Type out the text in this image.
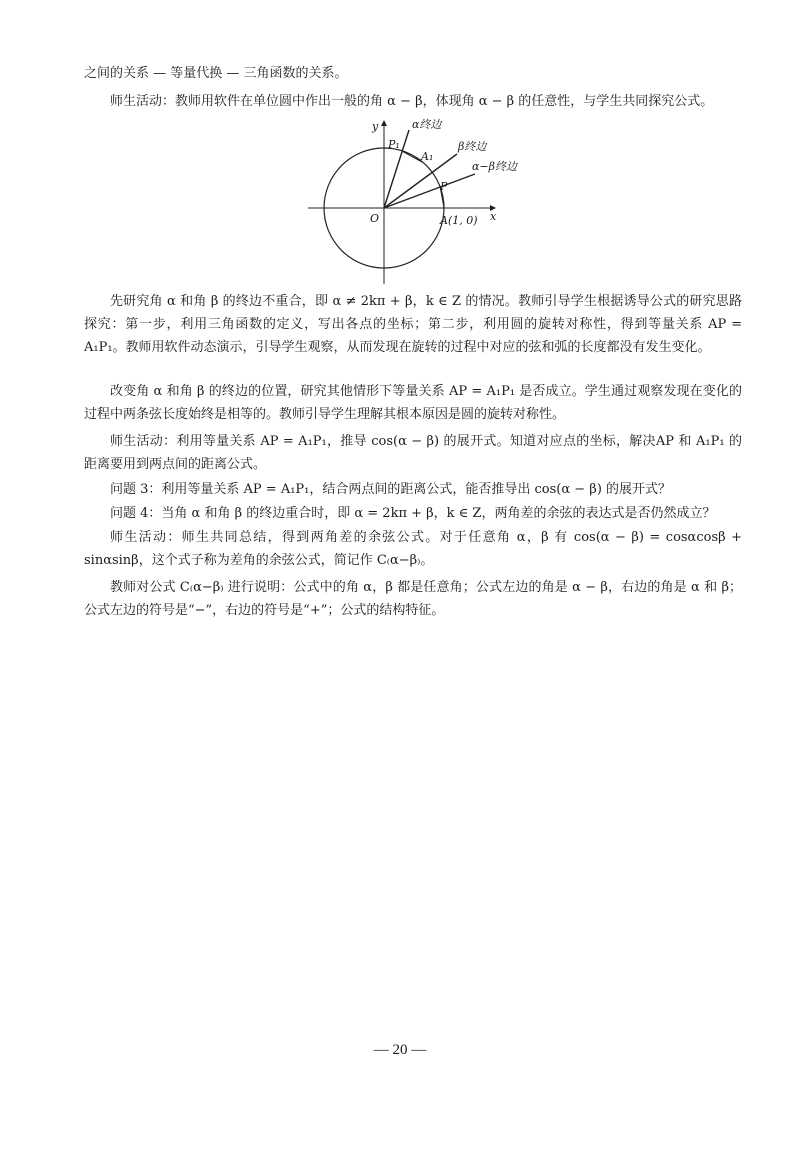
之间的关系 — 等量代换 — 三角函数的关系。

师生活动：教师用软件在单位圆中作出一般的角 α − β，体现角 α − β 的任意性，与学生共同探究公式。

y
x
O
P₁
A₁
P
A(1, 0)
α终边
β终边
α−β终边

先研究角 α 和角 β 的终边不重合，即 α ≠ 2kπ + β，k ∈ Z 的情况。教师引导学生根据诱导公式的研究思路探究：第一步，利用三角函数的定义，写出各点的坐标；第二步，利用圆的旋转对称性，得到等量关系 AP = A₁P₁。教师用软件动态演示，引导学生观察，从而发现在旋转的过程中对应的弦和弧的长度都没有发生变化。

改变角 α 和角 β 的终边的位置，研究其他情形下等量关系 AP = A₁P₁ 是否成立。学生通过观察发现在变化的过程中两条弦长度始终是相等的。教师引导学生理解其根本原因是圆的旋转对称性。

师生活动：利用等量关系 AP = A₁P₁，推导 cos(α − β) 的展开式。知道对应点的坐标，解决AP 和 A₁P₁ 的距离要用到两点间的距离公式。

问题 3：利用等量关系 AP = A₁P₁，结合两点间的距离公式，能否推导出 cos(α − β) 的展开式？

问题 4：当角 α 和角 β 的终边重合时，即 α = 2kπ + β，k ∈ Z，两角差的余弦的表达式是否仍然成立？

师生活动：师生共同总结，得到两角差的余弦公式。对于任意角 α，β 有 cos(α − β) = cosαcosβ + sinαsinβ，这个式子称为差角的余弦公式，简记作 C₍α−β₎。

教师对公式 C₍α−β₎ 进行说明：公式中的角 α，β 都是任意角；公式左边的角是 α − β，右边的角是 α 和 β；公式左边的符号是“−”，右边的符号是“+”；公式的结构特征。

— 20 —
